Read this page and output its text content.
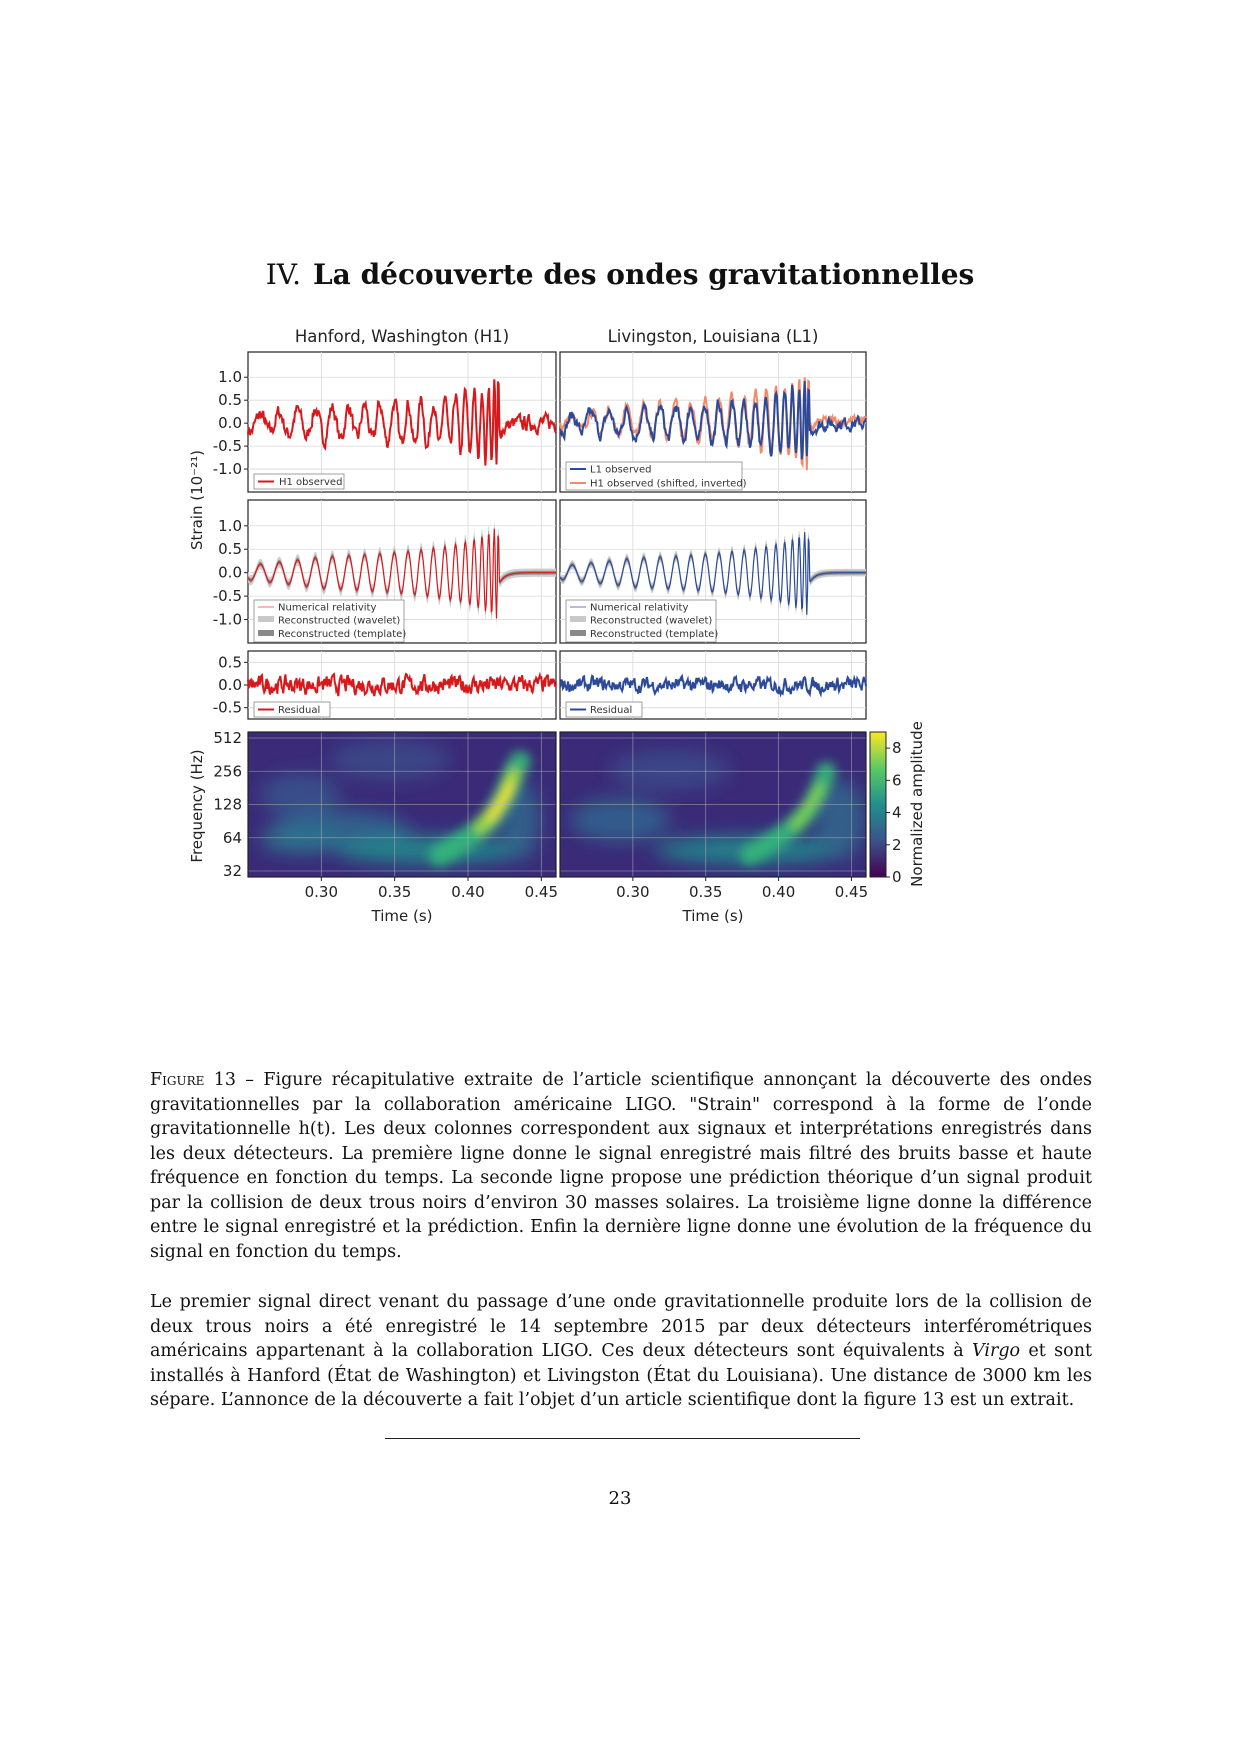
IV. La découverte des ondes gravitationnelles
Hanford, Washington (H1)	Livingston, Louisiana (L1)
H1 observed
L1 observed
H1 observed (shifted, inverted)
Numerical relativity
Reconstructed (wavelet)
Reconstructed (template)
Numerical relativity
Reconstructed (wavelet)
Reconstructed (template)
Residual	Residual
8
6
4
2
0 Normalized amplitude
Strain (10⁻²¹)
Frequency (Hz)
Time (s)	Time (s)
1.0
0.5
0.0
-0.5
-1.0
1.0
0.5
0.0
-0.5
-1.0
0.5
0.0
-0.5
512
256
128
64
32
0.30	0.35	0.40	0.45	0.30	0.35	0.40	0.45
Figure 13 – Figure récapitulative extraite de l’article scientifique annonçant la découverte des ondes gravitationnelles par la collaboration américaine LIGO. "Strain" correspond à la forme de l’onde gravitationnelle h(t). Les deux colonnes correspondent aux signaux et interprétations enregistrés dans les deux détecteurs. La première ligne donne le signal enregistré mais filtré des bruits basse et haute fréquence en fonction du temps. La seconde ligne propose une prédiction théorique d’un signal produit par la collision de deux trous noirs d’environ 30 masses solaires. La troisième ligne donne la différence entre le signal enregistré et la prédiction. Enfin la dernière ligne donne une évolution de la fréquence du signal en fonction du temps.
Le premier signal direct venant du passage d’une onde gravitationnelle produite lors de la collision de deux trous noirs a été enregistré le 14 septembre 2015 par deux détecteurs interférométriques américains appartenant à la collaboration LIGO. Ces deux détecteurs sont équivalents à Virgo et sont installés à Hanford (État de Washington) et Livingston (État du Louisiana). Une distance de 3000 km les sépare. L’annonce de la découverte a fait l’objet d’un article scientifique dont la figure 13 est un extrait.
23
